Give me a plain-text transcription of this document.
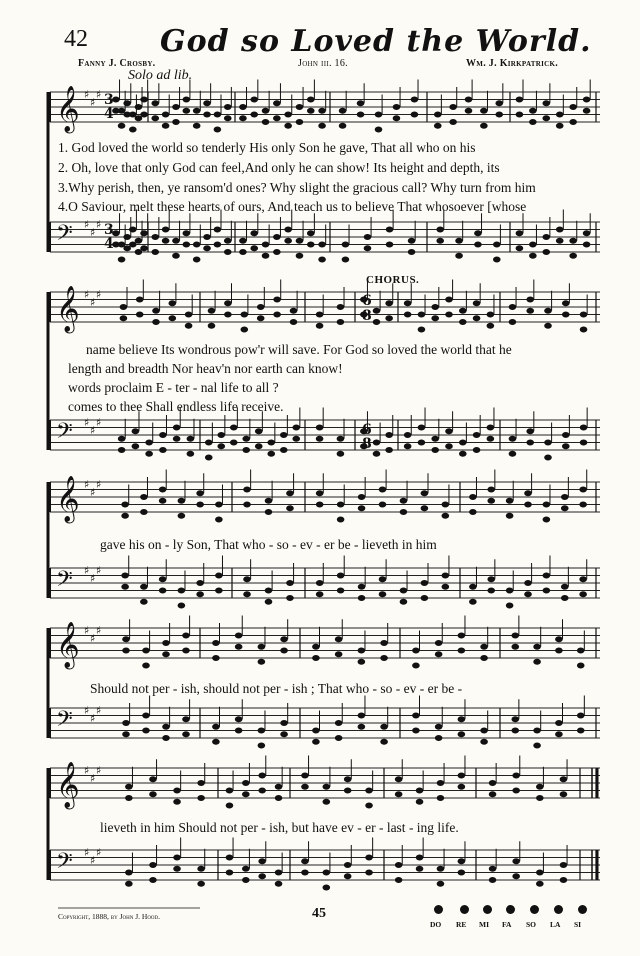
42 God so Loved the World.
Fanny J. Crosby.	John iii. 16.	Wm. J. Kirkpatrick.
Solo ad lib.
CHORUS.
𝄞 ♯
♯
♯
𝄢 ♯
♯
♯
𝄞 ♯
♯
♯
𝄢 ♯
♯
♯
𝄞 ♯
♯
♯
𝄢 ♯
♯
♯
𝄞 ♯
♯
♯
𝄢 ♯
♯
♯
𝄞 ♯
♯
♯
𝄢 ♯
♯
♯
3
4
3
4
6
8
6
8
1. God loved the world so tenderly His only Son he gave, That all who on his
2. Oh, love that only God can feel,And only he can show! Its height and depth, its
3.Why perish, then, ye ransom'd ones? Why slight the gracious call? Why turn from him
4.O Saviour, melt these hearts of ours, And teach us to believe That whosoever [whose
name believe Its wondrous pow'r will save. For God so loved the world that he
length and breadth Nor heav'n nor earth can know!
words proclaim E - ter - nal life to all ?
comes to thee Shall endless life receive.
gave his on - ly Son, That who - so - ev - er be - lieveth in him
Should not per - ish, should not per - ish ; That who - so - ev - er be -
lieveth in him Should not per - ish, but have ev - er - last - ing life.
Copyright, 1888, by John J. Hood.	45
DO RE MI FA SO LA SI
